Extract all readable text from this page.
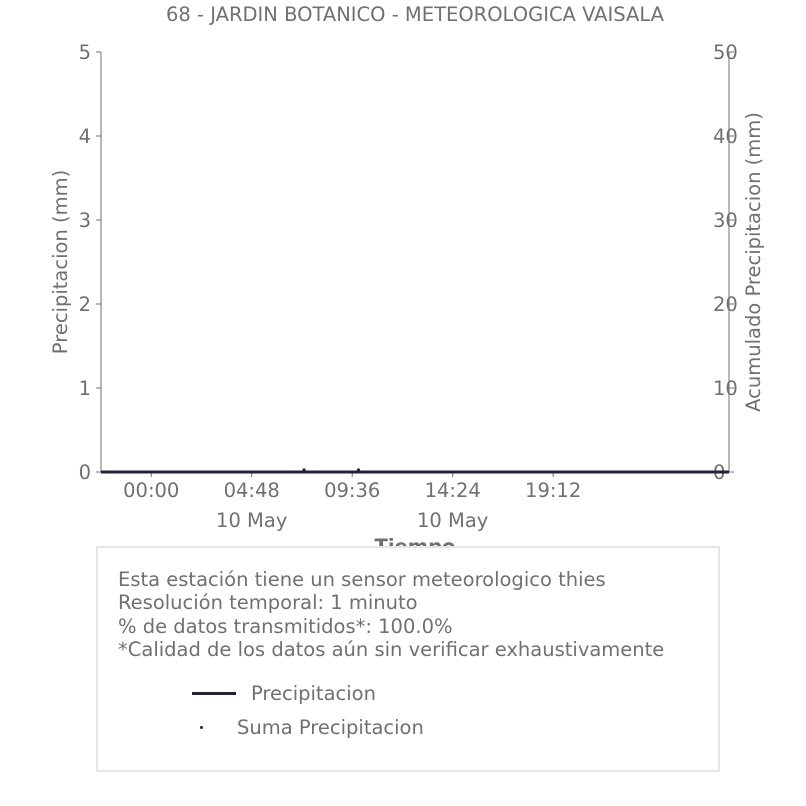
68 - JARDIN BOTANICO - METEOROLOGICA VAISALA
0
1
2
3
4
5
0
10
20
30
40
50
00:00 04:48
10 May
09:36 14:24
10 May
19:12
Precipitacion (mm)	Acumulado Precipitacion (mm)
Esta estación tiene un sensor meteorologico thies
Resolución temporal: 1 minuto
% de datos transmitidos*: 100.0%
*Calidad de los datos aún sin verificar exhaustivamente
Precipitacion
Suma Precipitacion
